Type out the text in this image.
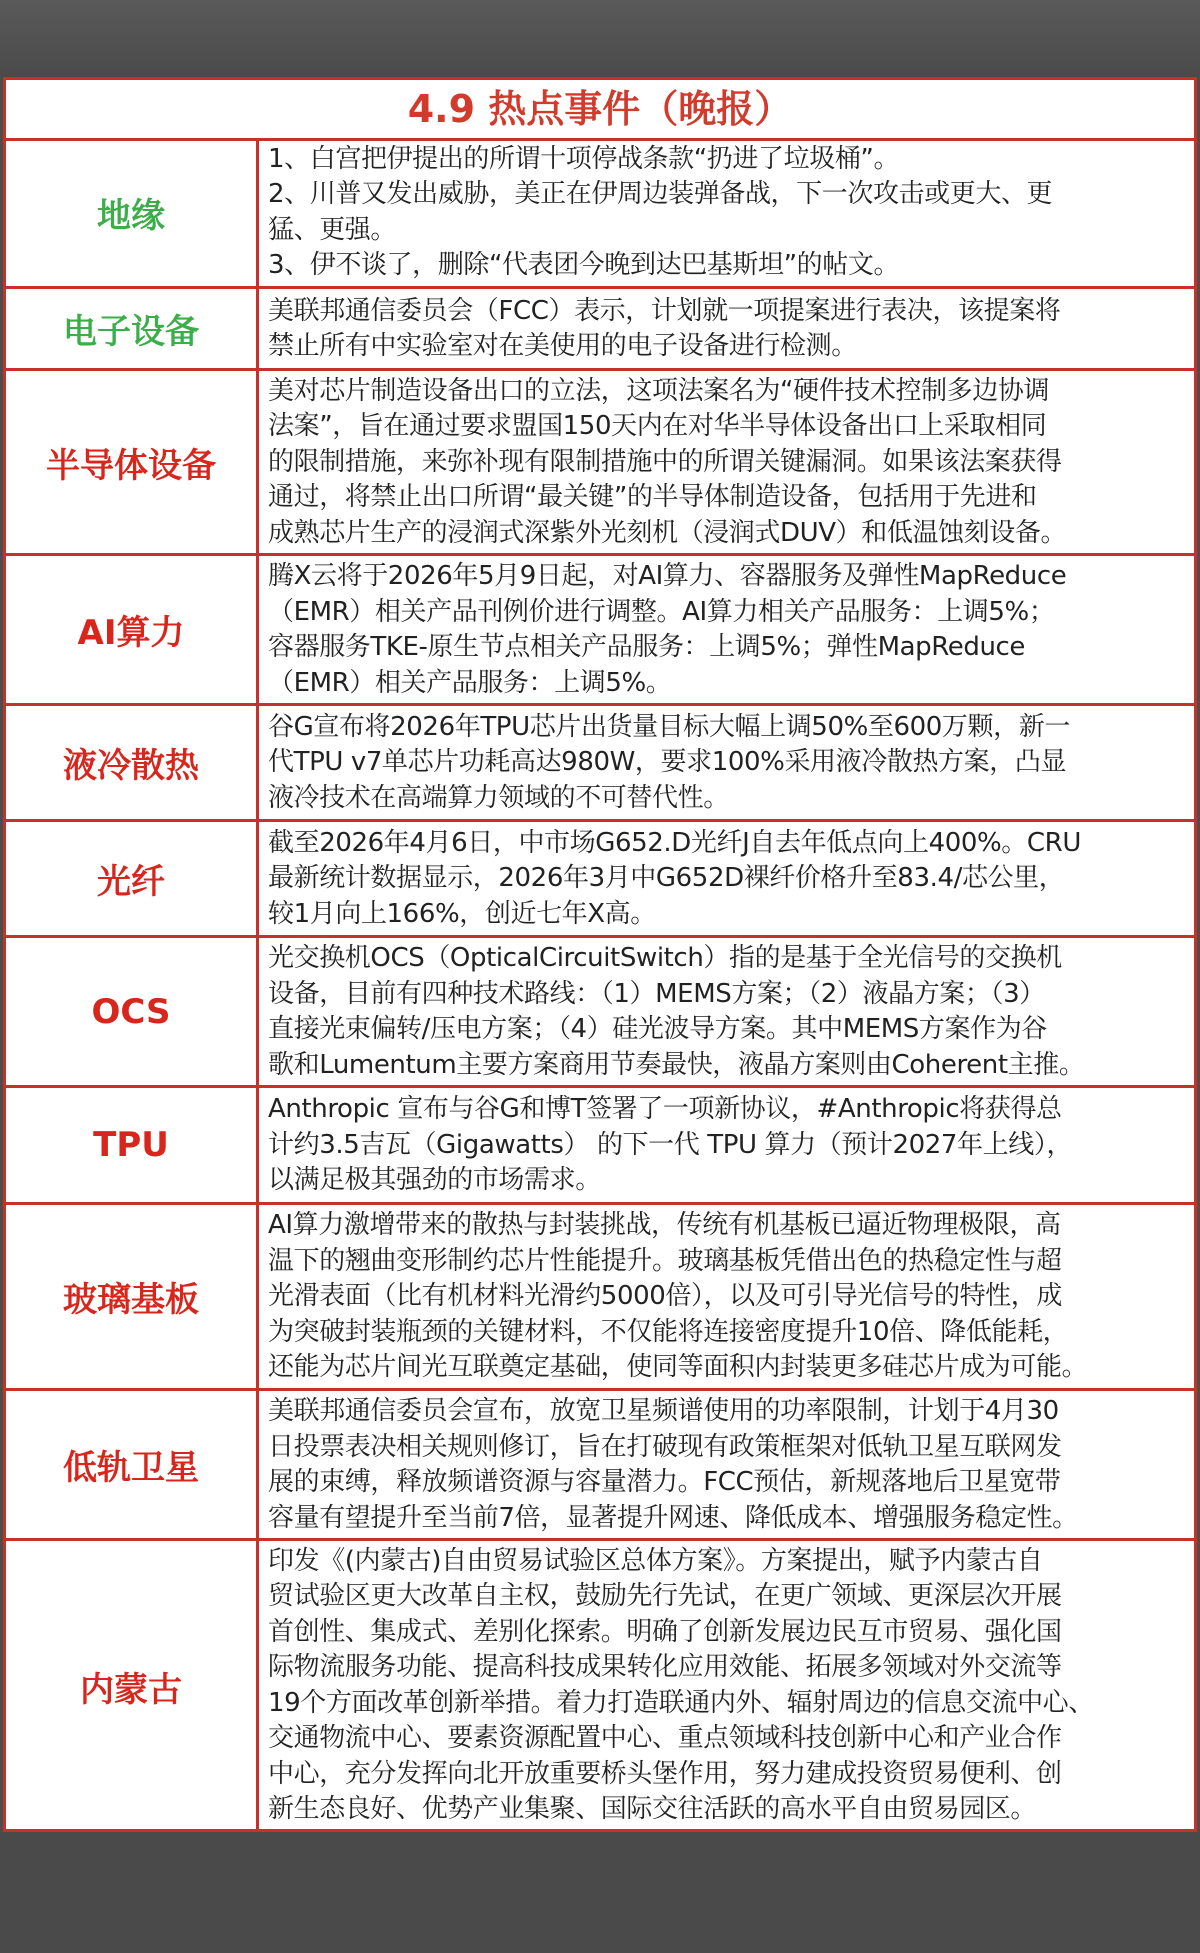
4.9 热点事件（晚报）
地缘
1、白宫把伊提出的所谓十项停战条款“扔进了垃圾桶”。
2、川普又发出威胁，美正在伊周边装弹备战，下一次攻击或更大、更
猛、更强。
3、伊不谈了，删除“代表团今晚到达巴基斯坦”的帖文。
电子设备
美联邦通信委员会（FCC）表示，计划就一项提案进行表决，该提案将
禁止所有中实验室对在美使用的电子设备进行检测。
半导体设备
美对芯片制造设备出口的立法，这项法案名为“硬件技术控制多边协调
法案”，旨在通过要求盟国150天内在对华半导体设备出口上采取相同
的限制措施，来弥补现有限制措施中的所谓关键漏洞。如果该法案获得
通过，将禁止出口所谓“最关键”的半导体制造设备，包括用于先进和
成熟芯片生产的浸润式深紫外光刻机（浸润式DUV）和低温蚀刻设备。
AI算力
腾X云将于2026年5月9日起，对AI算力、容器服务及弹性MapReduce
（EMR）相关产品刊例价进行调整。AI算力相关产品服务：上调5%；
容器服务TKE-原生节点相关产品服务：上调5%；弹性MapReduce
（EMR）相关产品服务：上调5%。
液冷散热
谷G宣布将2026年TPU芯片出货量目标大幅上调50%至600万颗，新一
代TPU v7单芯片功耗高达980W，要求100%采用液冷散热方案，凸显
液冷技术在高端算力领域的不可替代性。
光纤
截至2026年4月6日，中市场G652.D光纤J自去年低点向上400%。CRU
最新统计数据显示，2026年3月中G652D裸纤价格升至83.4/芯公里，
较1月向上166%，创近七年X高。
OCS
光交换机OCS（OpticalCircuitSwitch）指的是基于全光信号的交换机
设备，目前有四种技术路线：（1）MEMS方案；（2）液晶方案；（3）
直接光束偏转/压电方案；（4）硅光波导方案。其中MEMS方案作为谷
歌和Lumentum主要方案商用节奏最快，液晶方案则由Coherent主推。
TPU
Anthropic 宣布与谷G和博T签署了一项新协议，#Anthropic将获得总
计约3.5吉瓦（Gigawatts） 的下一代 TPU 算力（预计2027年上线），
以满足极其强劲的市场需求。
玻璃基板
AI算力激增带来的散热与封装挑战，传统有机基板已逼近物理极限，高
温下的翘曲变形制约芯片性能提升。玻璃基板凭借出色的热稳定性与超
光滑表面（比有机材料光滑约5000倍），以及可引导光信号的特性，成
为突破封装瓶颈的关键材料，不仅能将连接密度提升10倍、降低能耗，
还能为芯片间光互联奠定基础，使同等面积内封装更多硅芯片成为可能。
低轨卫星
美联邦通信委员会宣布，放宽卫星频谱使用的功率限制，计划于4月30
日投票表决相关规则修订，旨在打破现有政策框架对低轨卫星互联网发
展的束缚，释放频谱资源与容量潜力。FCC预估，新规落地后卫星宽带
容量有望提升至当前7倍，显著提升网速、降低成本、增强服务稳定性。
内蒙古
印发《(内蒙古)自由贸易试验区总体方案》。方案提出，赋予内蒙古自
贸试验区更大改革自主权，鼓励先行先试，在更广领域、更深层次开展
首创性、集成式、差别化探索。明确了创新发展边民互市贸易、强化国
际物流服务功能、提高科技成果转化应用效能、拓展多领域对外交流等
19个方面改革创新举措。着力打造联通内外、辐射周边的信息交流中心、
交通物流中心、要素资源配置中心、重点领域科技创新中心和产业合作
中心，充分发挥向北开放重要桥头堡作用，努力建成投资贸易便利、创
新生态良好、优势产业集聚、国际交往活跃的高水平自由贸易园区。
